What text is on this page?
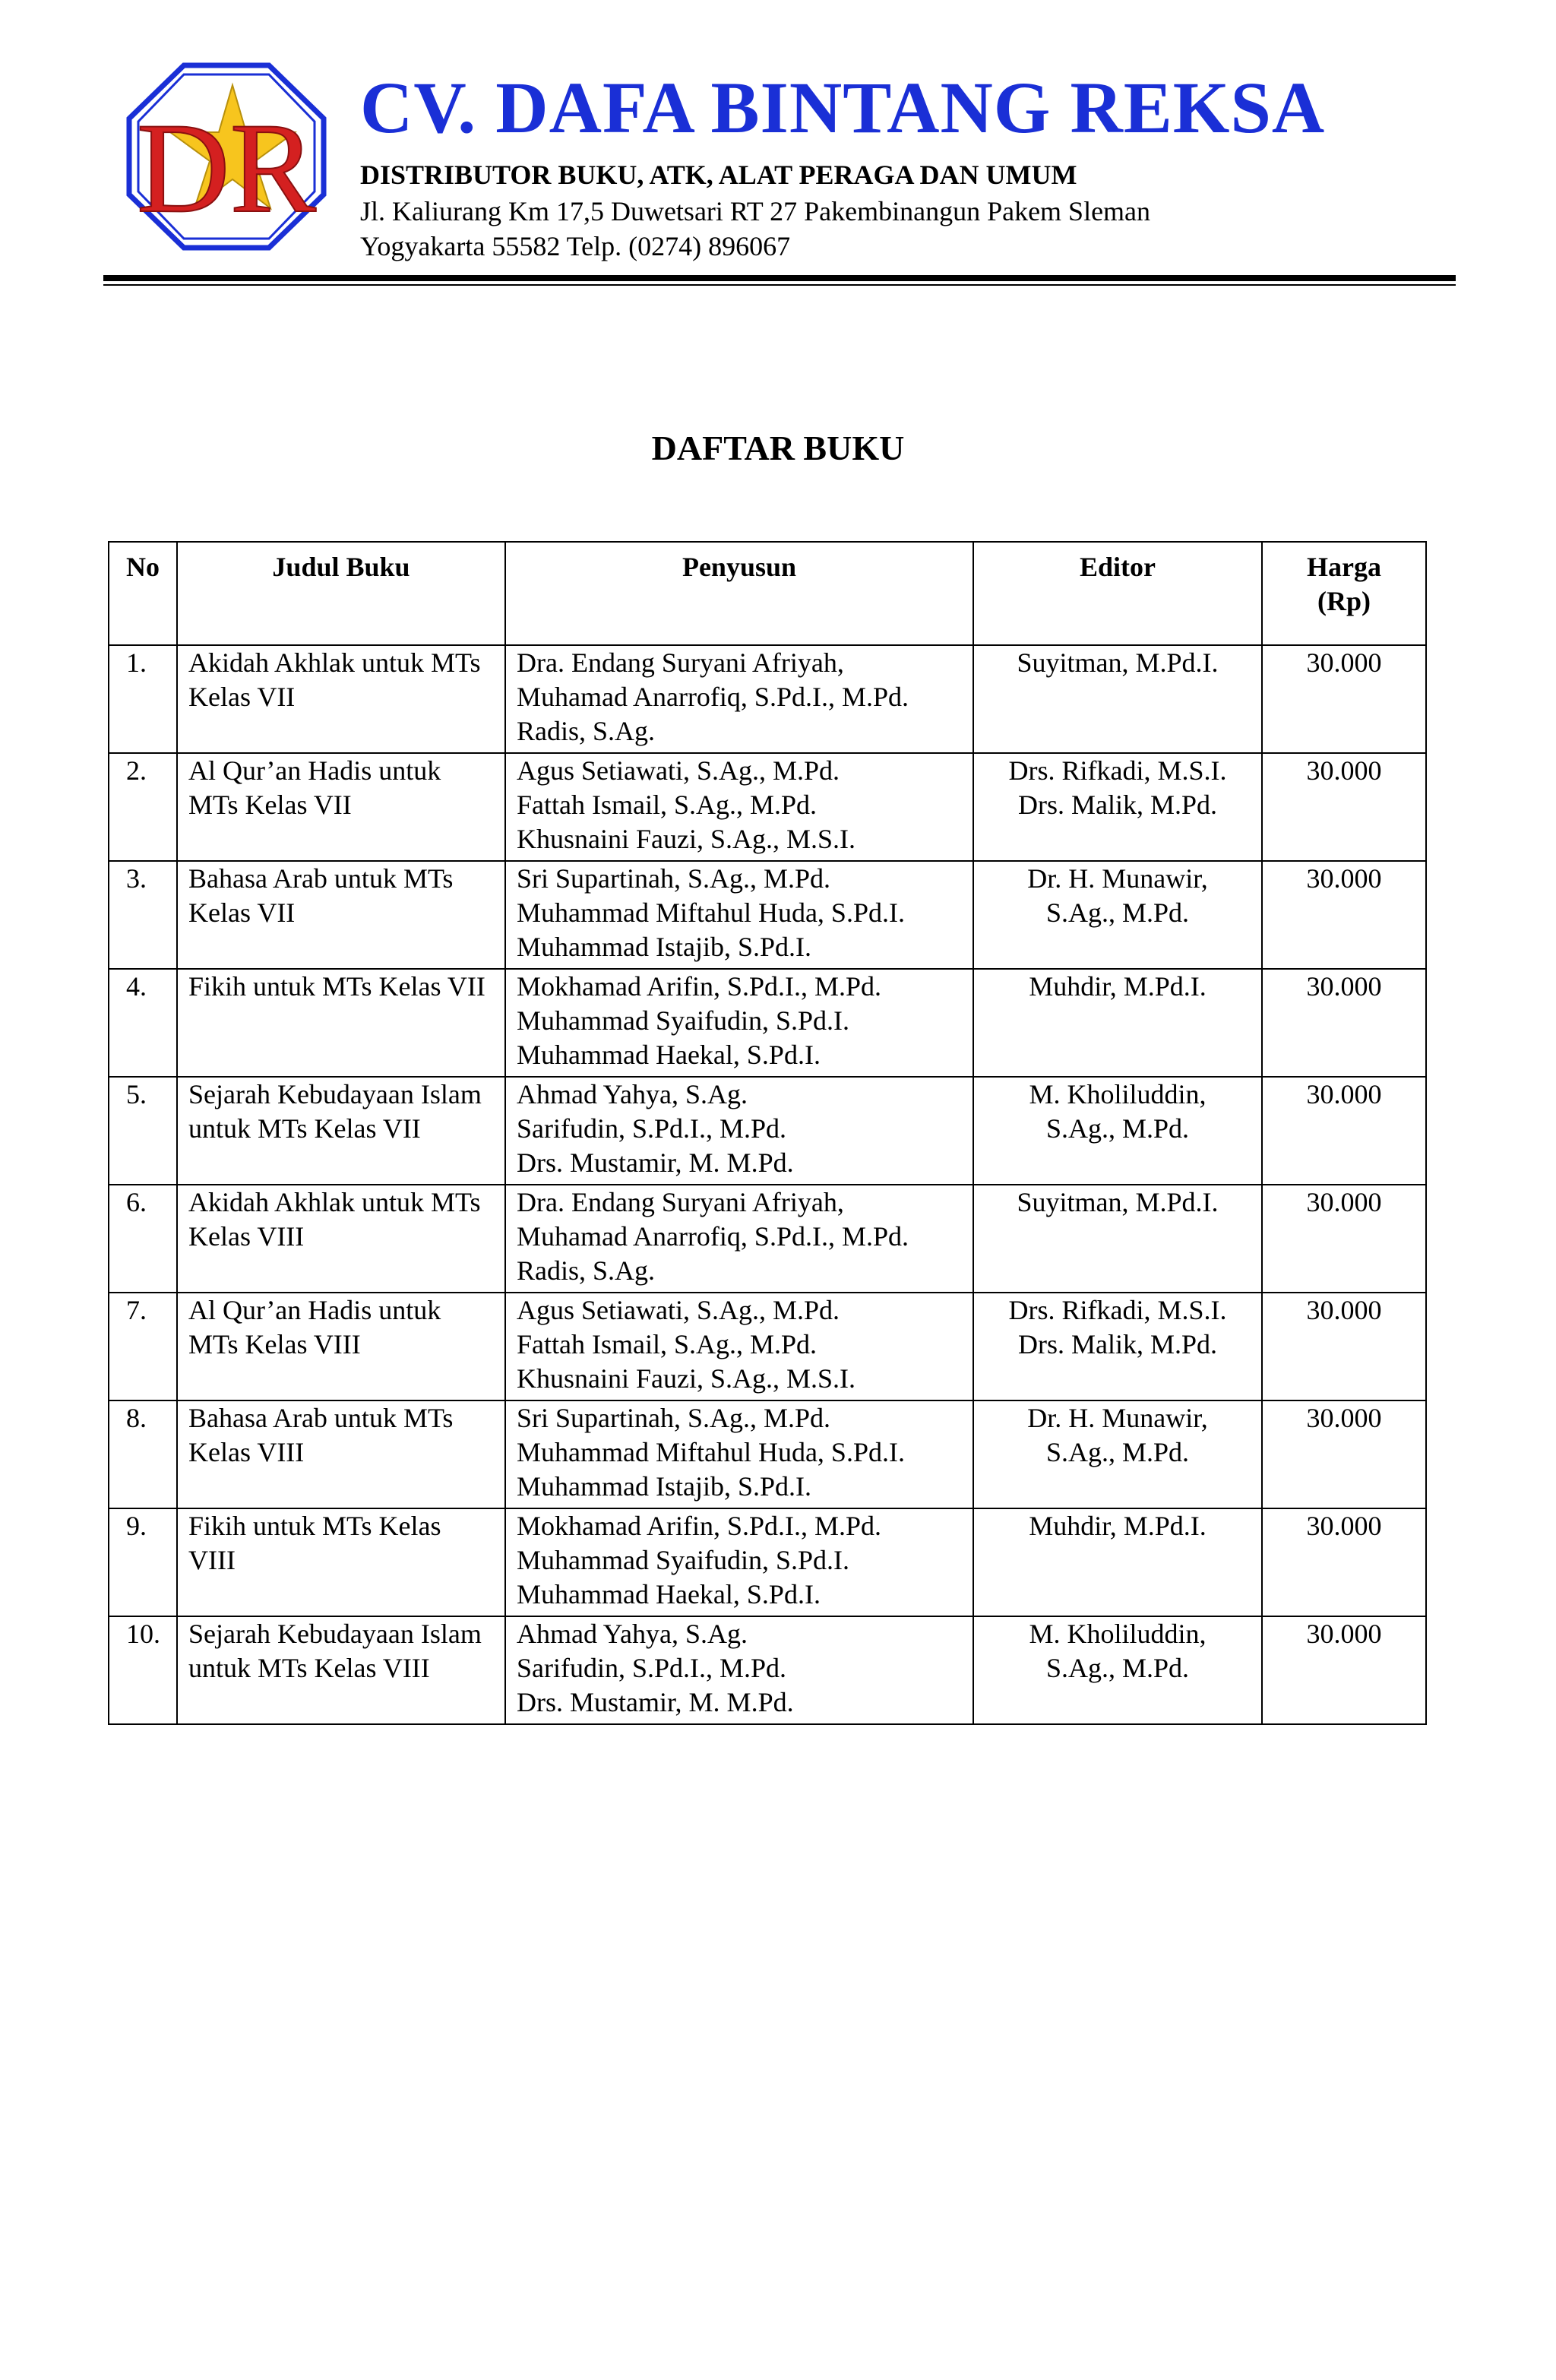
DR CV. DAFA BINTANG REKSA
DISTRIBUTOR BUKU, ATK, ALAT PERAGA DAN UMUM
Jl. Kaliurang Km 17,5 Duwetsari RT 27 Pakembinangun Pakem Sleman
Yogyakarta 55582 Telp. (0274) 896067
DAFTAR BUKU
No	Judul Buku	Penyusun	Editor	Harga
(Rp)

1.	Akidah Akhlak untuk MTs Kelas VII	Dra. Endang Suryani Afriyah,
Muhamad Anarrofiq, S.Pd.I., M.Pd.
Radis, S.Ag.	Suyitman, M.Pd.I.	30.000
2.	Al Qur’an Hadis untuk MTs Kelas VII	Agus Setiawati, S.Ag., M.Pd.
Fattah Ismail, S.Ag., M.Pd.
Khusnaini Fauzi, S.Ag., M.S.I.	Drs. Rifkadi, M.S.I.
Drs. Malik, M.Pd.	30.000
3.	Bahasa Arab untuk MTs Kelas VII	Sri Supartinah, S.Ag., M.Pd.
Muhammad Miftahul Huda, S.Pd.I.
Muhammad Istajib, S.Pd.I.	Dr. H. Munawir,
S.Ag., M.Pd.	30.000
4.	Fikih untuk MTs Kelas VII	Mokhamad Arifin, S.Pd.I., M.Pd.
Muhammad Syaifudin, S.Pd.I.
Muhammad Haekal, S.Pd.I.	Muhdir, M.Pd.I.	30.000
5.	Sejarah Kebudayaan Islam untuk MTs Kelas VII	Ahmad Yahya, S.Ag.
Sarifudin, S.Pd.I., M.Pd.
Drs. Mustamir, M. M.Pd.	M. Kholiluddin,
S.Ag., M.Pd.	30.000
6.	Akidah Akhlak untuk MTs Kelas VIII	Dra. Endang Suryani Afriyah,
Muhamad Anarrofiq, S.Pd.I., M.Pd.
Radis, S.Ag.	Suyitman, M.Pd.I.	30.000
7.	Al Qur’an Hadis untuk MTs Kelas VIII	Agus Setiawati, S.Ag., M.Pd.
Fattah Ismail, S.Ag., M.Pd.
Khusnaini Fauzi, S.Ag., M.S.I.	Drs. Rifkadi, M.S.I.
Drs. Malik, M.Pd.	30.000
8.	Bahasa Arab untuk MTs Kelas VIII	Sri Supartinah, S.Ag., M.Pd.
Muhammad Miftahul Huda, S.Pd.I.
Muhammad Istajib, S.Pd.I.	Dr. H. Munawir,
S.Ag., M.Pd.	30.000
9.	Fikih untuk MTs Kelas VIII	Mokhamad Arifin, S.Pd.I., M.Pd.
Muhammad Syaifudin, S.Pd.I.
Muhammad Haekal, S.Pd.I.	Muhdir, M.Pd.I.	30.000
10.	Sejarah Kebudayaan Islam untuk MTs Kelas VIII	Ahmad Yahya, S.Ag.
Sarifudin, S.Pd.I., M.Pd.
Drs. Mustamir, M. M.Pd.	M. Kholiluddin,
S.Ag., M.Pd.	30.000
